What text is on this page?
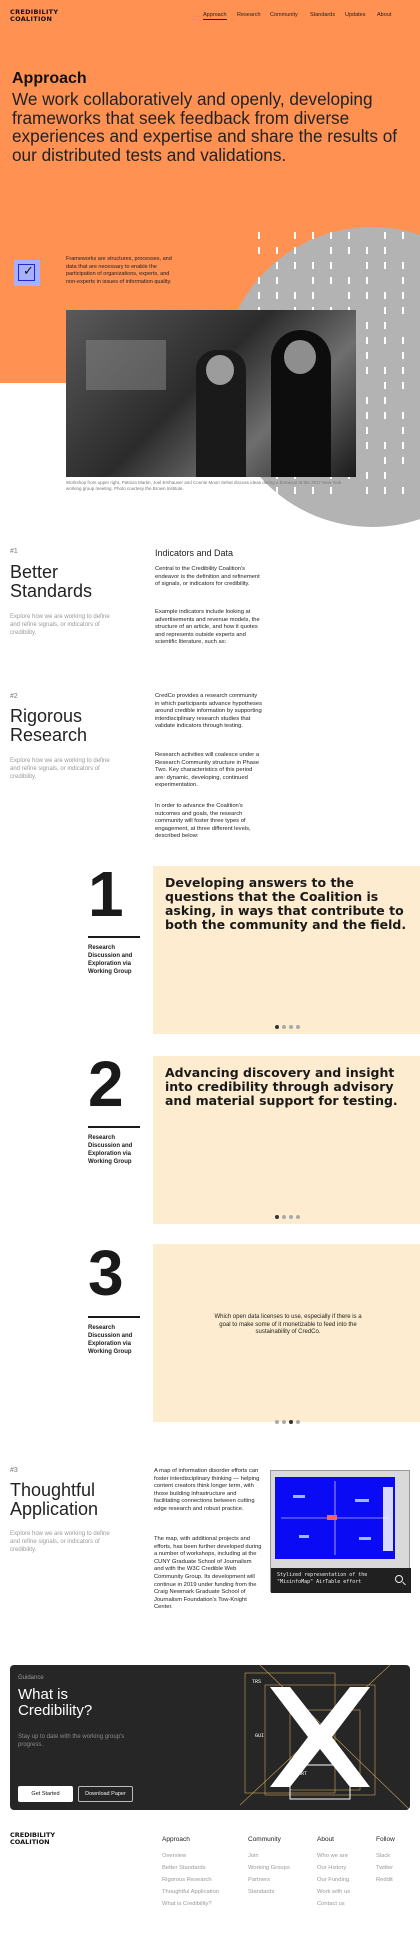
CREDIBILITY
COALITION	Approach Research Community Standards Updates About
Approach
We work collaboratively and openly, developing frameworks that seek feedback from diverse experiences and expertise and share the results of our distributed tests and validations.
✓
Frameworks are structures, processes, and data that are necessary to enable the participation of organizations, experts, and non-experts in issues of information quality.
Workshop from upper right, Patricia Martin, Joel Emhauser and Connie Moon Sehat discuss ideas during a breakout at the 2017 New York working group meeting. Photo courtesy the Brown Institute.
#1
Better
Standards
Explore how we are working to define and refine signals, or indicators of credibility.
Indicators and Data
Central to the Credibility Coalition's endeavor is the definition and refinement of signals, or indicators for credibility.
Example indicators include looking at advertisements and revenue models, the structure of an article, and how it quotes and represents outside experts and scientific literature, such as:
#2
Rigorous
Research
Explore how we are working to define and refine signals, or indicators of credibility.
CredCo provides a research community in which participants advance hypotheses around credible information by supporting interdisciplinary research studies that validate indicators through testing.
Research activities will coalesce under a Research Community structure in Phase Two. Key characteristics of this period are: dynamic, developing, continued experimentation.
In order to advance the Coalition's outcomes and goals, the research community will foster three types of engagement, at three different levels, described below:
1
Research Discussion and Exploration via Working Group
Developing answers to the questions that the Coalition is asking, in ways that contribute to both the community and the field.
2
Research Discussion and Exploration via Working Group
Advancing discovery and insight into credibility through advisory and material support for testing.
3
Research Discussion and Exploration via Working Group
Which open data licenses to use, especially if there is a goal to make some of it monetizable to feed into the sustainability of CredCo.
#3
Thoughtful
Application
Explore how we are working to define and refine signals, or indicators of credibility.
A map of information disorder efforts can foster interdisciplinary thinking — helping content creators think longer term, with those building infrastructure and facilitating connections between cutting edge research and robust practice.
The map, with additional projects and efforts, has been further developed during a number of workshops, including at the CUNY Graduate School of Journalism and with the W3C Credible Web Community Group. Its development will continue in 2019 under funding from the Craig Newmark Graduate School of Journalism Foundation's Tow-Knight Center.
Stylized representation of the "MisinfoMap" AirTable effort
Guidance
What is
Credibility?
Stay up to date with the working group's progress.
Get Started	Download Paper
TRS
GUI
ART
CREDIBILITY
COALITION	Approach
Overview
Better Standards
Rigorous Research
Thoughtful Application
What is Credibility?
Community
Join
Working Groups
Partners
Standards
About
Who we are
Our History
Our Funding
Work with us
Contact us
Follow
Slack
Twitter
Reddit
